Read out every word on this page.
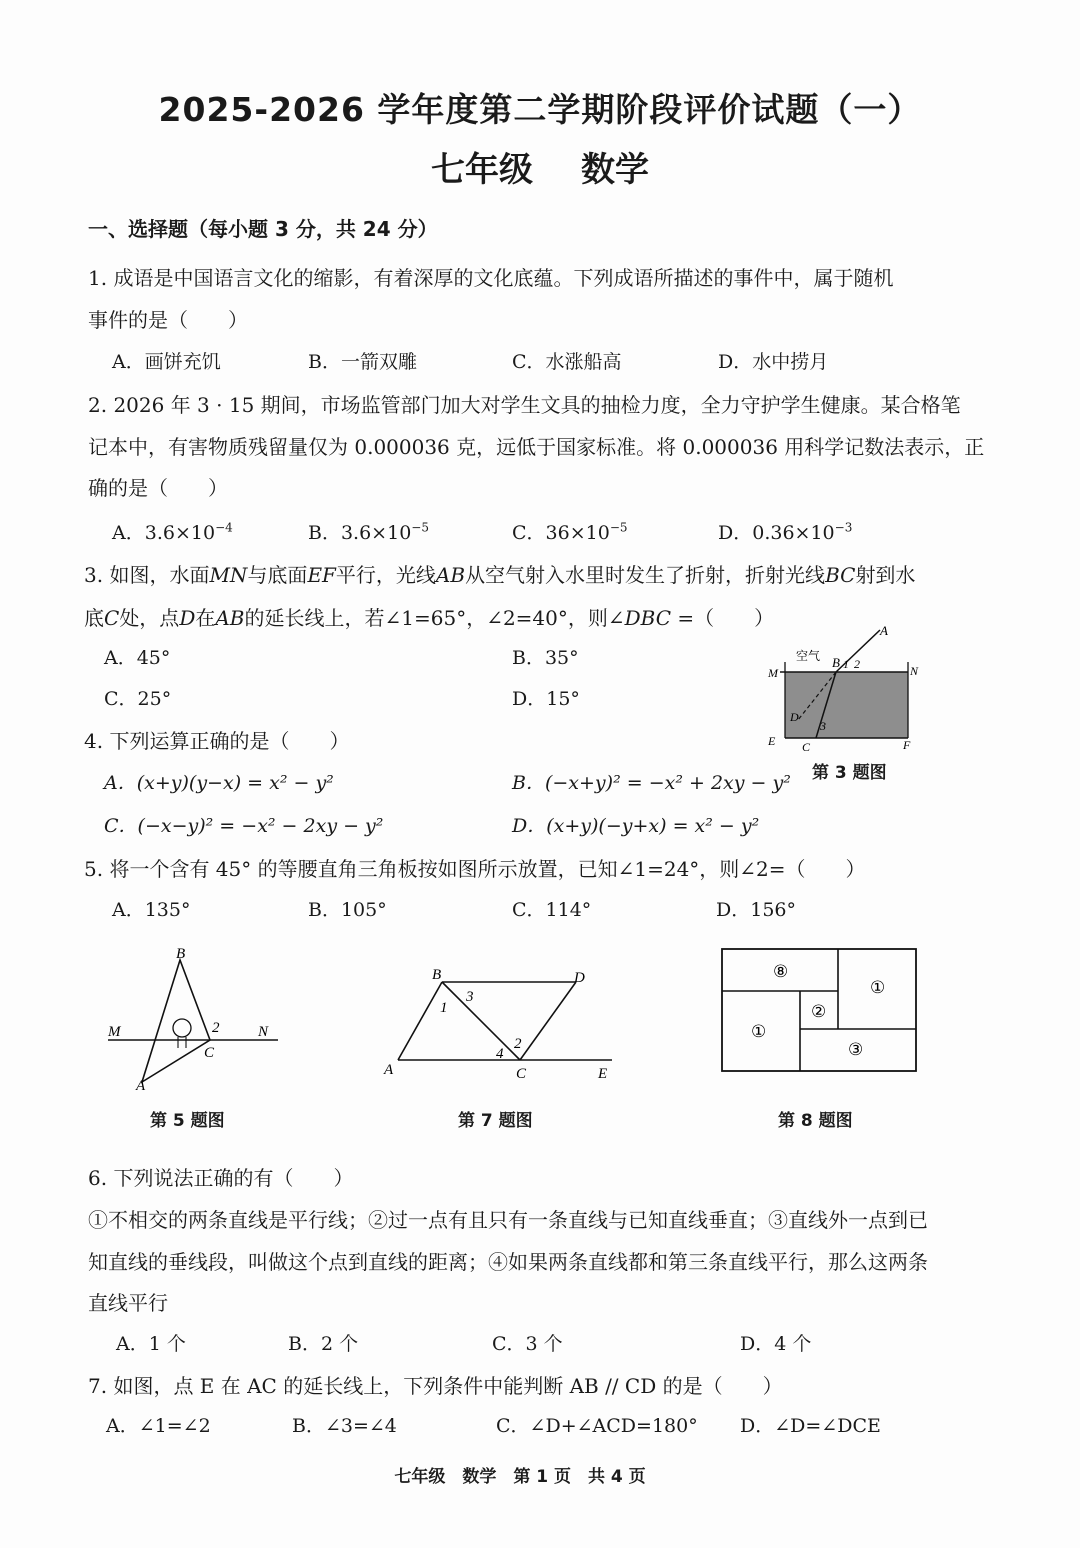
2025-2026 学年度第二学期阶段评价试题（一）
七年级 数学
一、选择题（每小题 3 分，共 24 分）
1. 成语是中国语言文化的缩影，有着深厚的文化底蕴。下列成语所描述的事件中，属于随机
事件的是（　　）
A．画饼充饥	B．一箭双雕	C．水涨船高	D．水中捞月
2. 2026 年 3 · 15 期间，市场监管部门加大对学生文具的抽检力度，全力守护学生健康。某合格笔
记本中，有害物质残留量仅为 0.000036 克，远低于国家标准。将 0.000036 用科学记数法表示，正
确的是（　　）
A．$3.6\times 10^{-4}$	B．$3.6\times 10^{-5}$	C．$36\times 10^{-5}$	D．$0.36\times 10^{-3}$
3. 如图，水面MN与底面EF平行，光线AB从空气射入水里时发生了折射，折射光线BC射到水
底C处，点D在AB的延长线上，若∠1=65°，∠2=40°，则∠DBC =（　　）
A．45°	B．35°
C．25°	D．15°
A
B 1 2
M	N
D
3
E C	F
空气
第 3 题图
4. 下列运算正确的是（　　）
A．(x+y)(y−x) = x² − y²	B．(−x+y)² = −x² + 2xy − y²
C．(−x−y)² = −x² − 2xy − y²	D．(x+y)(−y+x) = x² − y²
5. 将一个含有 45° 的等腰直角三角板按如图所示放置，已知∠1=24°，则∠2=（　　）
A．135°	B．105°	C．114°	D．156°
B
M	2	N
C
A
第 5 题图
B	D
3
1
2
4
A	C	E
第 7 题图
⑧
①
②
①
③
第 8 题图
6. 下列说法正确的有（　　）
①不相交的两条直线是平行线；②过一点有且只有一条直线与已知直线垂直；③直线外一点到已
知直线的垂线段，叫做这个点到直线的距离；④如果两条直线都和第三条直线平行，那么这两条
直线平行
A．1 个	B．2 个	C．3 个	D．4 个
7. 如图，点 E 在 AC 的延长线上，下列条件中能判断 AB // CD 的是（　　）
A．∠1=∠2	B．∠3=∠4	C．∠D+∠ACD=180° D．∠D=∠DCE
七年级　数学　第 1 页　共 4 页
